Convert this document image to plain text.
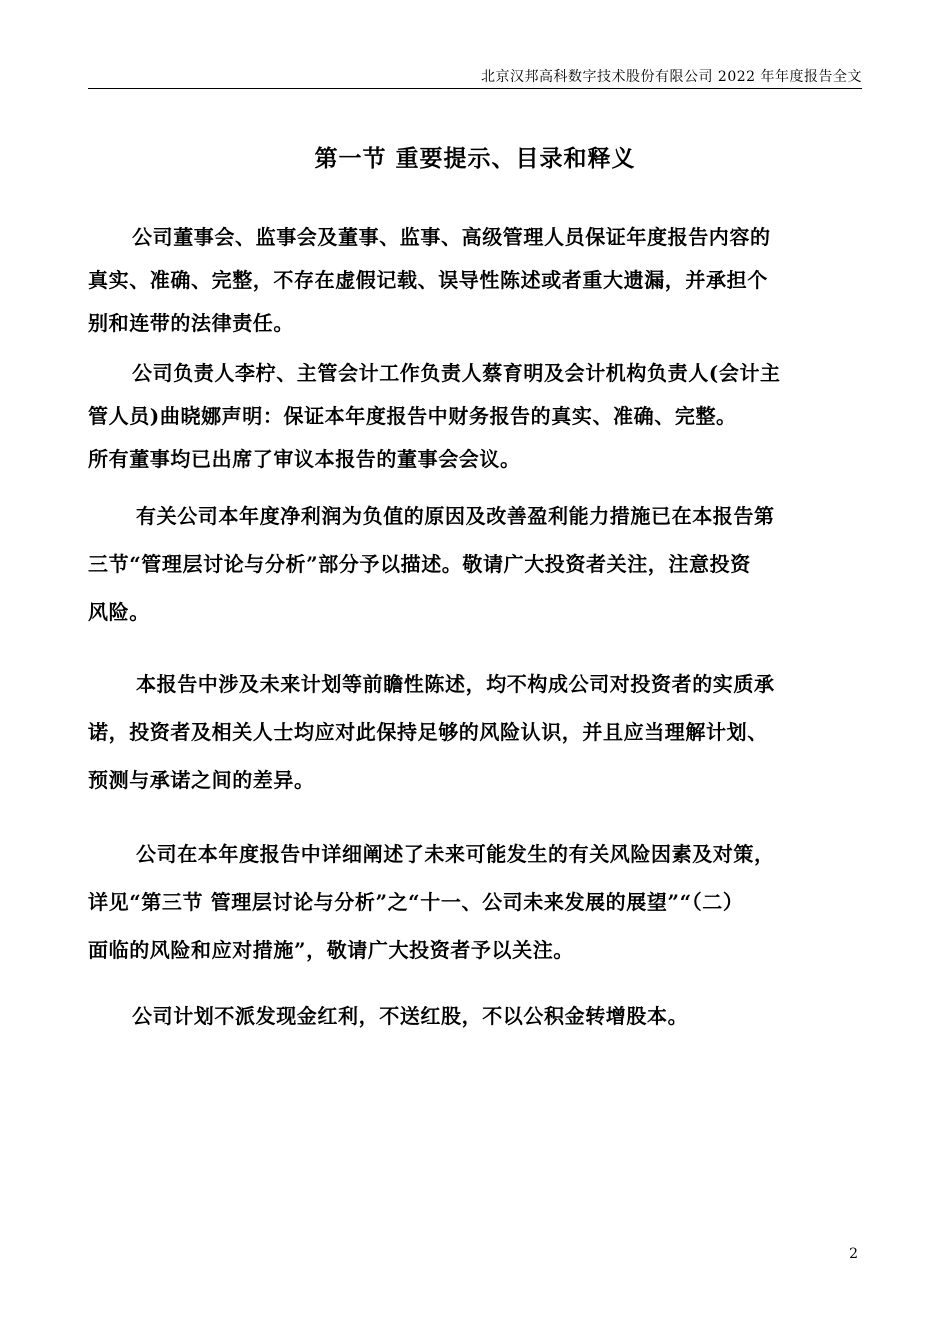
北京汉邦高科数字技术股份有限公司 2022 年年度报告全文
第一节 重要提示、目录和释义
公司董事会、监事会及董事、监事、高级管理人员保证年度报告内容的
真实、准确、完整，不存在虚假记载、误导性陈述或者重大遗漏，并承担个
别和连带的法律责任。
公司负责人李柠、主管会计工作负责人蔡育明及会计机构负责人(会计主
管人员)曲晓娜声明：保证本年度报告中财务报告的真实、准确、完整。
所有董事均已出席了审议本报告的董事会会议。
有关公司本年度净利润为负值的原因及改善盈利能力措施已在本报告第
三节“管理层讨论与分析”部分予以描述。敬请广大投资者关注，注意投资
风险。
本报告中涉及未来计划等前瞻性陈述，均不构成公司对投资者的实质承
诺，投资者及相关人士均应对此保持足够的风险认识，并且应当理解计划、
预测与承诺之间的差异。
公司在本年度报告中详细阐述了未来可能发生的有关风险因素及对策，
详见“第三节 管理层讨论与分析”之“十一、公司未来发展的展望”“（二）
面临的风险和应对措施”，敬请广大投资者予以关注。
公司计划不派发现金红利，不送红股，不以公积金转增股本。
2
